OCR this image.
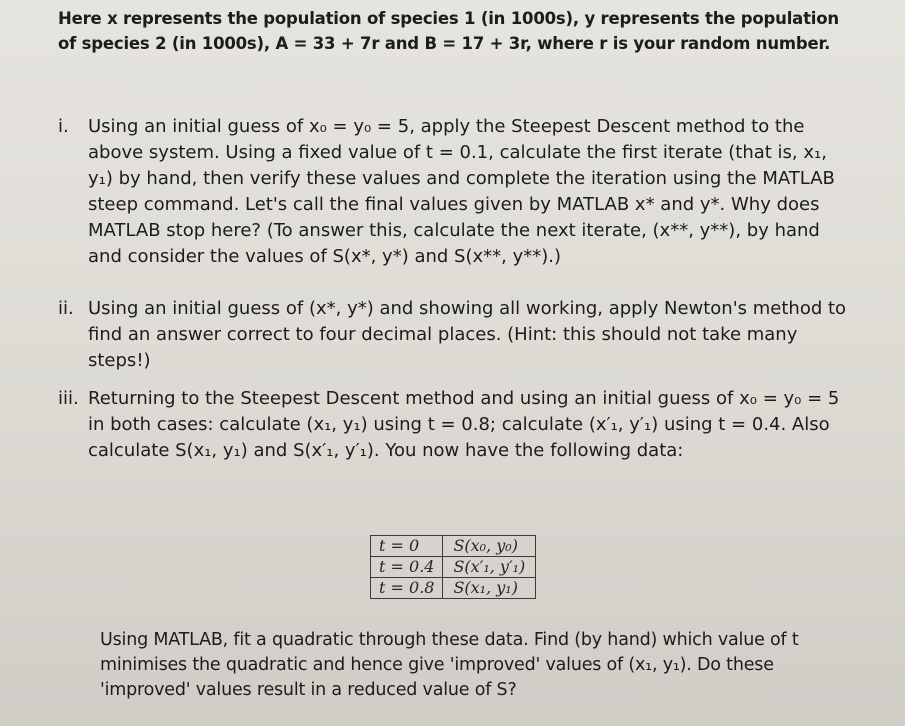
Here x represents the population of species 1 (in 1000s), y represents the population of species 2 (in 1000s), A = 33 + 7r and B = 17 + 3r, where r is your random number.

i. Using an initial guess of x₀ = y₀ = 5, apply the Steepest Descent method to the above system. Using a fixed value of t = 0.1, calculate the first iterate (that is, x₁, y₁) by hand, then verify these values and complete the iteration using the MATLAB steep command. Let's call the final values given by MATLAB x* and y*. Why does MATLAB stop here? (To answer this, calculate the next iterate, (x**, y**), by hand and consider the values of S(x*, y*) and S(x**, y**).)
ii. Using an initial guess of (x*, y*) and showing all working, apply Newton's method to find an answer correct to four decimal places. (Hint: this should not take many steps!)
iii. Returning to the Steepest Descent method and using an initial guess of x₀ = y₀ = 5 in both cases: calculate (x₁, y₁) using t = 0.8; calculate (x′₁, y′₁) using t = 0.4. Also calculate S(x₁, y₁) and S(x′₁, y′₁). You now have the following data:
t = 0	S(x₀, y₀)
t = 0.4	S(x′₁, y′₁)
t = 0.8	S(x₁, y₁)

Using MATLAB, fit a quadratic through these data. Find (by hand) which value of t minimises the quadratic and hence give 'improved' values of (x₁, y₁). Do these 'improved' values result in a reduced value of S?
